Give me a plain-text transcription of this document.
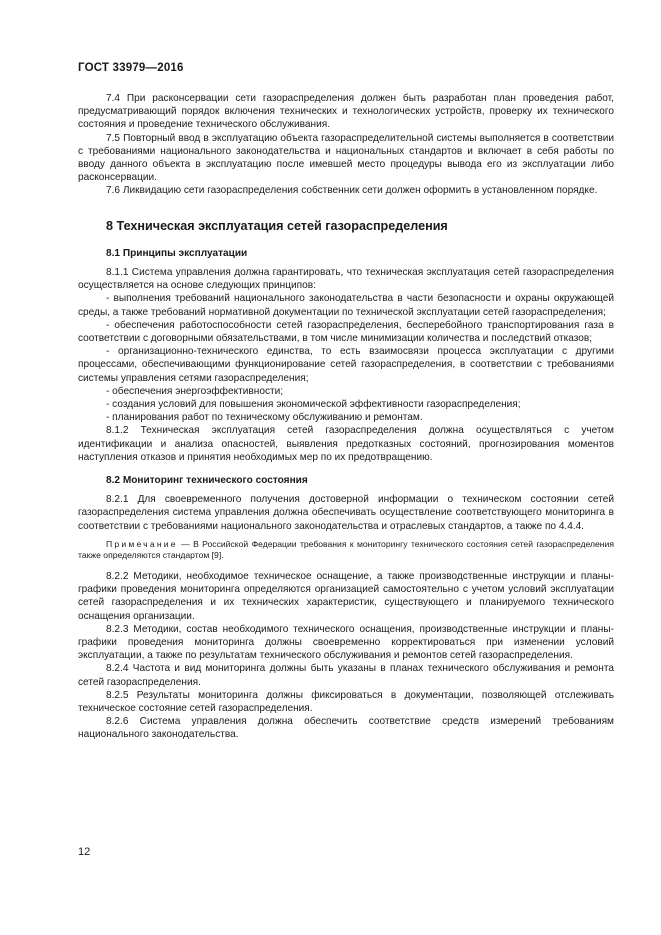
ГОСТ 33979—2016

7.4 При расконсервации сети газораспределения должен быть разработан план проведения работ, предусматривающий порядок включения технических и технологических устройств, проверку их технического состояния и проведение технического обслуживания.

7.5 Повторный ввод в эксплуатацию объекта газораспределительной системы выполняется в соответствии с требованиями национального законодательства и национальных стандартов и включает в себя работы по вводу данного объекта в эксплуатацию после имевшей место процедуры вывода его из эксплуатации либо расконсервации.

7.6 Ликвидацию сети газораспределения собственник сети должен оформить в установленном порядке.

8 Техническая эксплуатация сетей газораспределения

8.1 Принципы эксплуатации

8.1.1 Система управления должна гарантировать, что техническая эксплуатация сетей газораспределения осуществляется на основе следующих принципов:

- выполнения требований национального законодательства в части безопасности и охраны окружающей среды, а также требований нормативной документации по технической эксплуатации сетей газораспределения;

- обеспечения работоспособности сетей газораспределения, бесперебойного транспортирования газа в соответствии с договорными обязательствами, в том числе минимизации количества и последствий отказов;

- организационно-технического единства, то есть взаимосвязи процесса эксплуатации с другими процессами, обеспечивающими функционирование сетей газораспределения, в соответствии с требованиями системы управления сетями газораспределения;

- обеспечения энергоэффективности;

- создания условий для повышения экономической эффективности газораспределения;

- планирования работ по техническому обслуживанию и ремонтам.

8.1.2 Техническая эксплуатация сетей газораспределения должна осуществляться с учетом идентификации и анализа опасностей, выявления предотказных состояний, прогнозирования моментов наступления отказов и принятия необходимых мер по их предотвращению.

8.2 Мониторинг технического состояния

8.2.1 Для своевременного получения достоверной информации о техническом состоянии сетей газораспределения система управления должна обеспечивать осуществление соответствующего мониторинга в соответствии с требованиями национального законодательства и отраслевых стандартов, а также по 4.4.4.

Примечание — В Российской Федерации требования к мониторингу технического состояния сетей газораспределения также определяются стандартом [9].

8.2.2 Методики, необходимое техническое оснащение, а также производственные инструкции и планы-графики проведения мониторинга определяются организацией самостоятельно с учетом условий эксплуатации сетей газораспределения и их технических характеристик, существующего и планируемого технического оснащения организации.

8.2.3 Методики, состав необходимого технического оснащения, производственные инструкции и планы-графики проведения мониторинга должны своевременно корректироваться при изменении условий эксплуатации, а также по результатам технического обслуживания и ремонтов сетей газораспределения.

8.2.4 Частота и вид мониторинга должны быть указаны в планах технического обслуживания и ремонта сетей газораспределения.

8.2.5 Результаты мониторинга должны фиксироваться в документации, позволяющей отслеживать техническое состояние сетей газораспределения.

8.2.6 Система управления должна обеспечить соответствие средств измерений требованиям национального законодательства.

12
